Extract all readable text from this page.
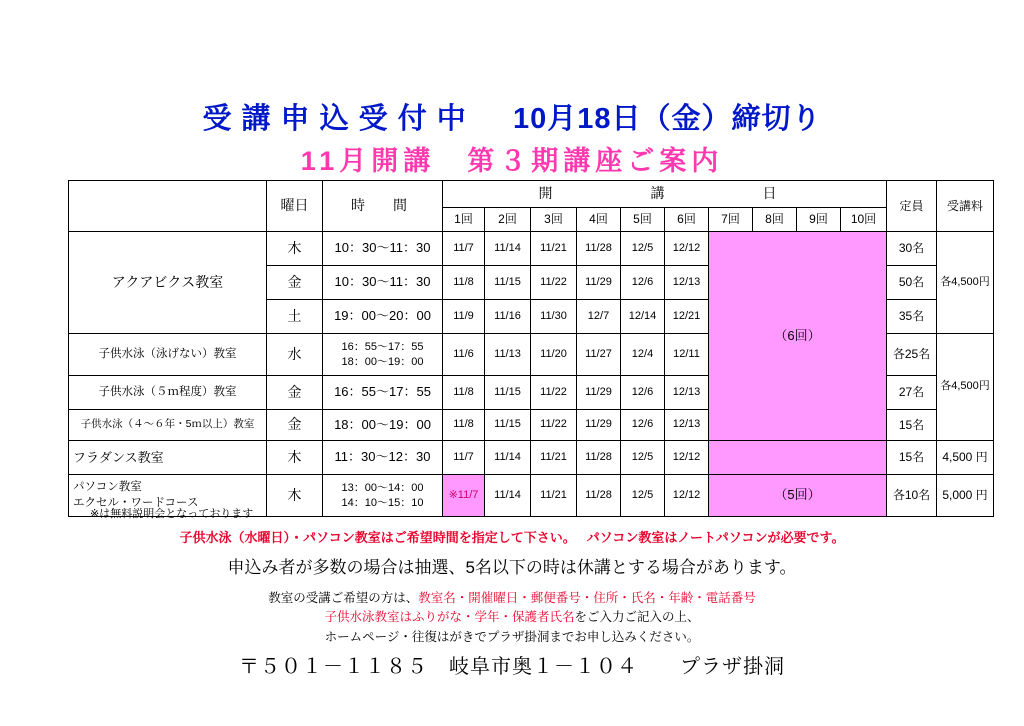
受 講 申 込 受 付 中 10月18日（金）締切り
11月開講　第３期講座ご案内
	曜日	時　間	開　　　講　　　日										定員	受講料
			1回	2回	3回	4回	5回	6回	7回	8回	9回	10回		
アクアビクス教室	木	10：30～11：30	11/7	11/14	11/21	11/28	12/5	12/12	（6回）				30名	各4,500円
	金	10：30～11：30	11/8	11/15	11/22	11/29	12/6	12/13					50名	
	土	19：00～20：00	11/9	11/16	11/30	12/7	12/14	12/21					35名	
子供水泳（泳げない）教室	水	16：55～17：55
18：00～19：00	11/6	11/13	11/20	11/27	12/4	12/11					各25名	各4,500円
子供水泳（５ｍ程度）教室	金	16：55～17：55	11/8	11/15	11/22	11/29	12/6	12/13					27名	
子供水泳（４～６年・5ｍ以上）教室	金	18：00～19：00	11/8	11/15	11/22	11/29	12/6	12/13					15名	
フラダンス教室	木	11：30～12：30	11/7	11/14	11/21	11/28	12/5	12/12					15名	4,500 円
パソコン教室
エクセル・ワードコース	木	13：00～14：00
14：10～15：10	※11/7	11/14	11/21	11/28	12/5	12/12	（5回）				各10名	5,000 円
※は無料説明会となっております
子供水泳（水曜日）・パソコン教室はご希望時間を指定して下さい。 パソコン教室はノートパソコンが必要です。
申込み者が多数の場合は抽選、5名以下の時は休講とする場合があります。
教室の受講ご希望の方は、教室名・開催曜日・郵便番号・住所・氏名・年齢・電話番号
子供水泳教室はふりがな・学年・保護者氏名をご入力ご記入の上、
ホームページ・往復はがきでプラザ掛洞までお申し込みください。
〒５０１－１１８５　岐阜市奥１－１０４　　プラザ掛洞
